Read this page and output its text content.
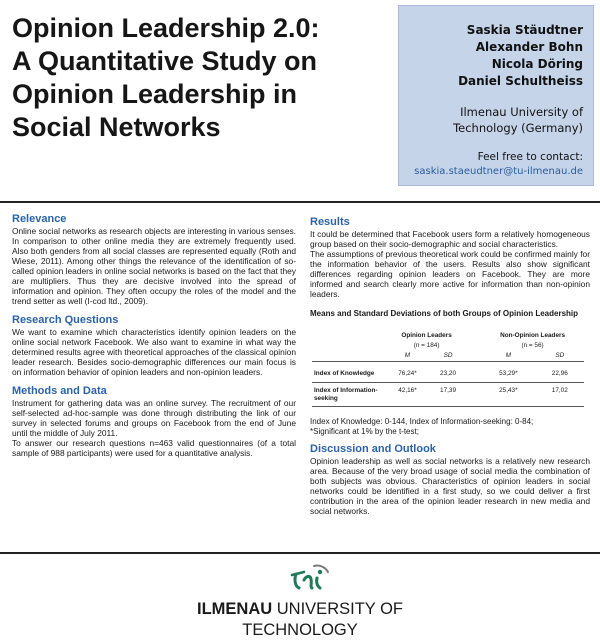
Opinion Leadership 2.0:
A Quantitative Study on
Opinion Leadership in
Social Networks
Saskia Stäudtner
Alexander Bohn
Nicola Döring
Daniel Schultheiss
Ilmenau University of
Technology (Germany)
Feel free to contact:
saskia.staeudtner@tu-ilmenau.de
Relevance

Online social networks as research objects are interesting in various senses. In comparison to other online media they are extremely frequently used. Also both genders from all social classes are represented equally (Roth and Wiese, 2011). Among other things the relevance of the identification of so-called opinion leaders in online social networks is based on the fact that they are multipliers. Thus they are decisive involved into the spread of information and opinion. They often occupy the roles of the model and the trend setter as well (I-cod ltd., 2009).

Research Questions

We want to examine which characteristics identify opinion leaders on the online social network Facebook. We also want to examine in what way the determined results agree with theoretical approaches of the classical opinion leader research. Besides socio-demographic differences our main focus is on information behavior of opinion leaders and non-opinion leaders.

Methods and Data

Instrument for gathering data was an online survey. The recruitment of our self-selected ad-hoc-sample was done through distributing the link of our survey in selected forums and groups on Facebook from the end of June until the middle of July 2011.

To answer our research questions n=463 valid questionnaires (of a total sample of 988 participants) were used for a quantitative analysis.

Results

It could be determined that Facebook users form a relatively homogeneous group based on their socio-demographic and social characteristics.

The assumptions of previous theoretical work could be confirmed mainly for the information behavior of the users. Results also show significant differences regarding opinion leaders on Facebook. They are more informed and search clearly more active for information than non-opinion leaders.

Means and Standard Deviations of both Groups of Opinion Leadership
	Opinion Leaders			Non-Opinion Leaders	
	(n = 184)			(n = 56)	
	M	SD		M	SD
Index of Knowledge	76,24*	23,20		53,29*	22,96
Index of Information-seeking	42,16*	17,39		25,43*	17,02
Index of Knowledge: 0-144, Index of Information-seeking: 0-84;
*Significant at 1% by the t-test;
Discussion and Outlook

Opinion leadership as well as social networks is a relatively new research area. Because of the very broad usage of social media the combination of both subjects was obvious. Characteristics of opinion leaders in social networks could be identified in a first study, so we could deliver a first contribution in the area of the opinion leader research in new media and social networks.

ILMENAU UNIVERSITY OF
TECHNOLOGY
